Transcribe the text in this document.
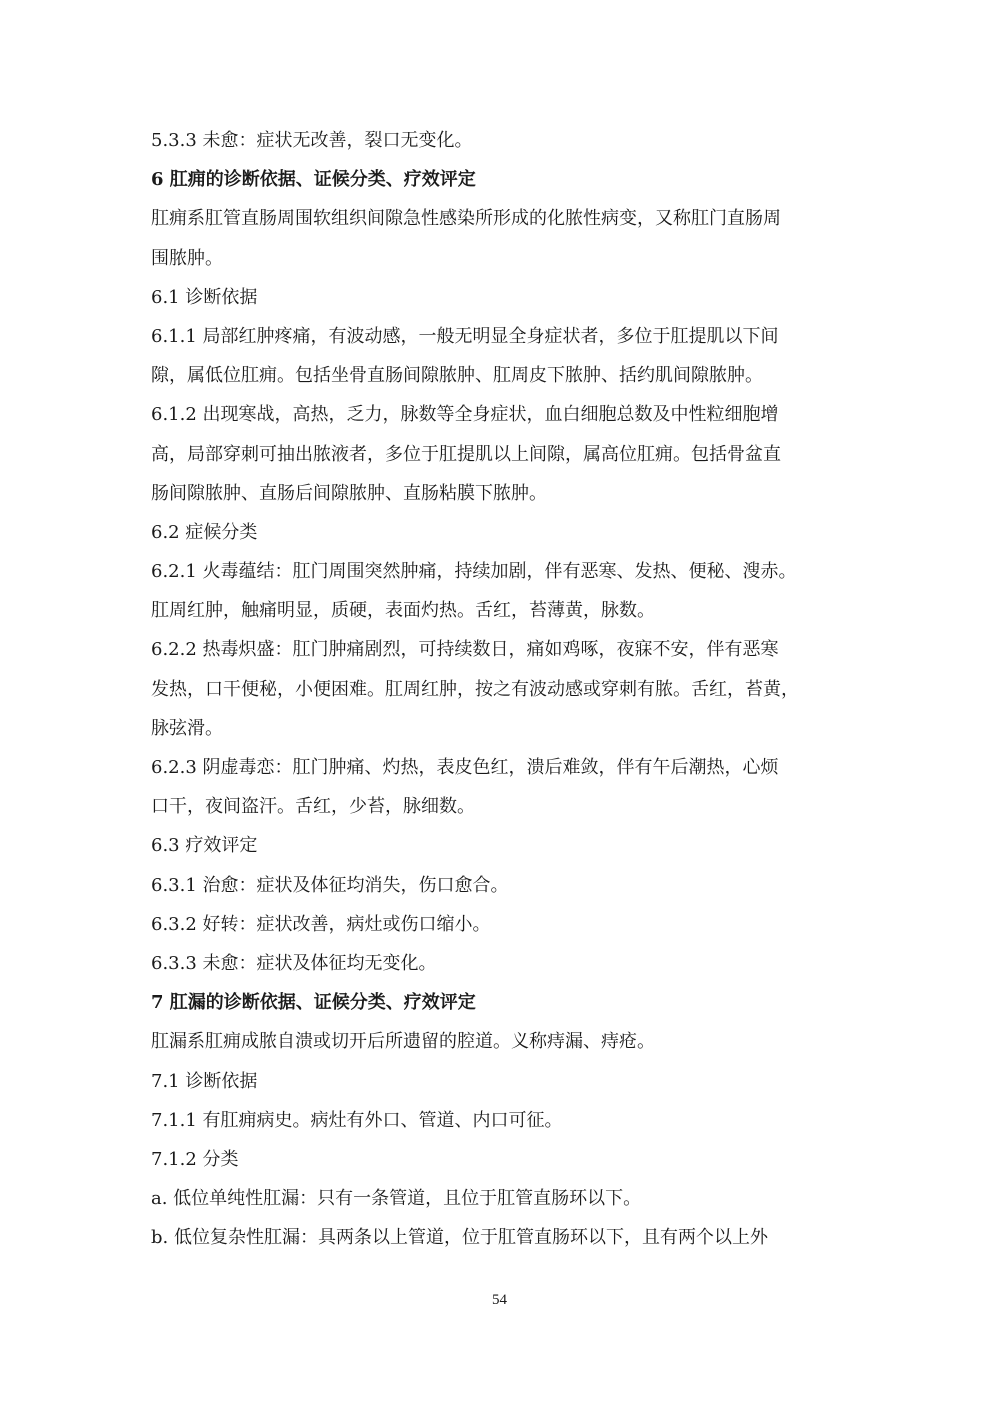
5.3.3 未愈：症状无改善，裂口无变化。

6 肛痈的诊断依据、证候分类、疗效评定

肛痈系肛管直肠周围软组织间隙急性感染所形成的化脓性病变，又称肛门直肠周

围脓肿。

6.1 诊断依据

6.1.1 局部红肿疼痛，有波动感，一般无明显全身症状者，多位于肛提肌以下间

隙，属低位肛痈。包括坐骨直肠间隙脓肿、肛周皮下脓肿、括约肌间隙脓肿。

6.1.2 出现寒战，高热，乏力，脉数等全身症状，血白细胞总数及中性粒细胞增

高，局部穿刺可抽出脓液者，多位于肛提肌以上间隙，属高位肛痈。包括骨盆直

肠间隙脓肿、直肠后间隙脓肿、直肠粘膜下脓肿。

6.2 症候分类

6.2.1 火毒蕴结：肛门周围突然肿痛，持续加剧，伴有恶寒、发热、便秘、溲赤。

肛周红肿，触痛明显，质硬，表面灼热。舌红，苔薄黄，脉数。

6.2.2 热毒炽盛：肛门肿痛剧烈，可持续数日，痛如鸡啄，夜寐不安，伴有恶寒

发热，口干便秘，小便困难。肛周红肿，按之有波动感或穿刺有脓。舌红，苔黄，

脉弦滑。

6.2.3 阴虚毒恋：肛门肿痛、灼热，表皮色红，溃后难敛，伴有午后潮热，心烦

口干，夜间盗汗。舌红，少苔，脉细数。

6.3 疗效评定

6.3.1 治愈：症状及体征均消失，伤口愈合。

6.3.2 好转：症状改善，病灶或伤口缩小。

6.3.3 未愈：症状及体征均无变化。

7 肛漏的诊断依据、证候分类、疗效评定

肛漏系肛痈成脓自溃或切开后所遗留的腔道。义称痔漏、痔疮。

7.1 诊断依据

7.1.1 有肛痈病史。病灶有外口、管道、内口可征。

7.1.2 分类

a. 低位单纯性肛漏：只有一条管道，且位于肛管直肠环以下。

b. 低位复杂性肛漏：具两条以上管道，位于肛管直肠环以下，且有两个以上外

54
